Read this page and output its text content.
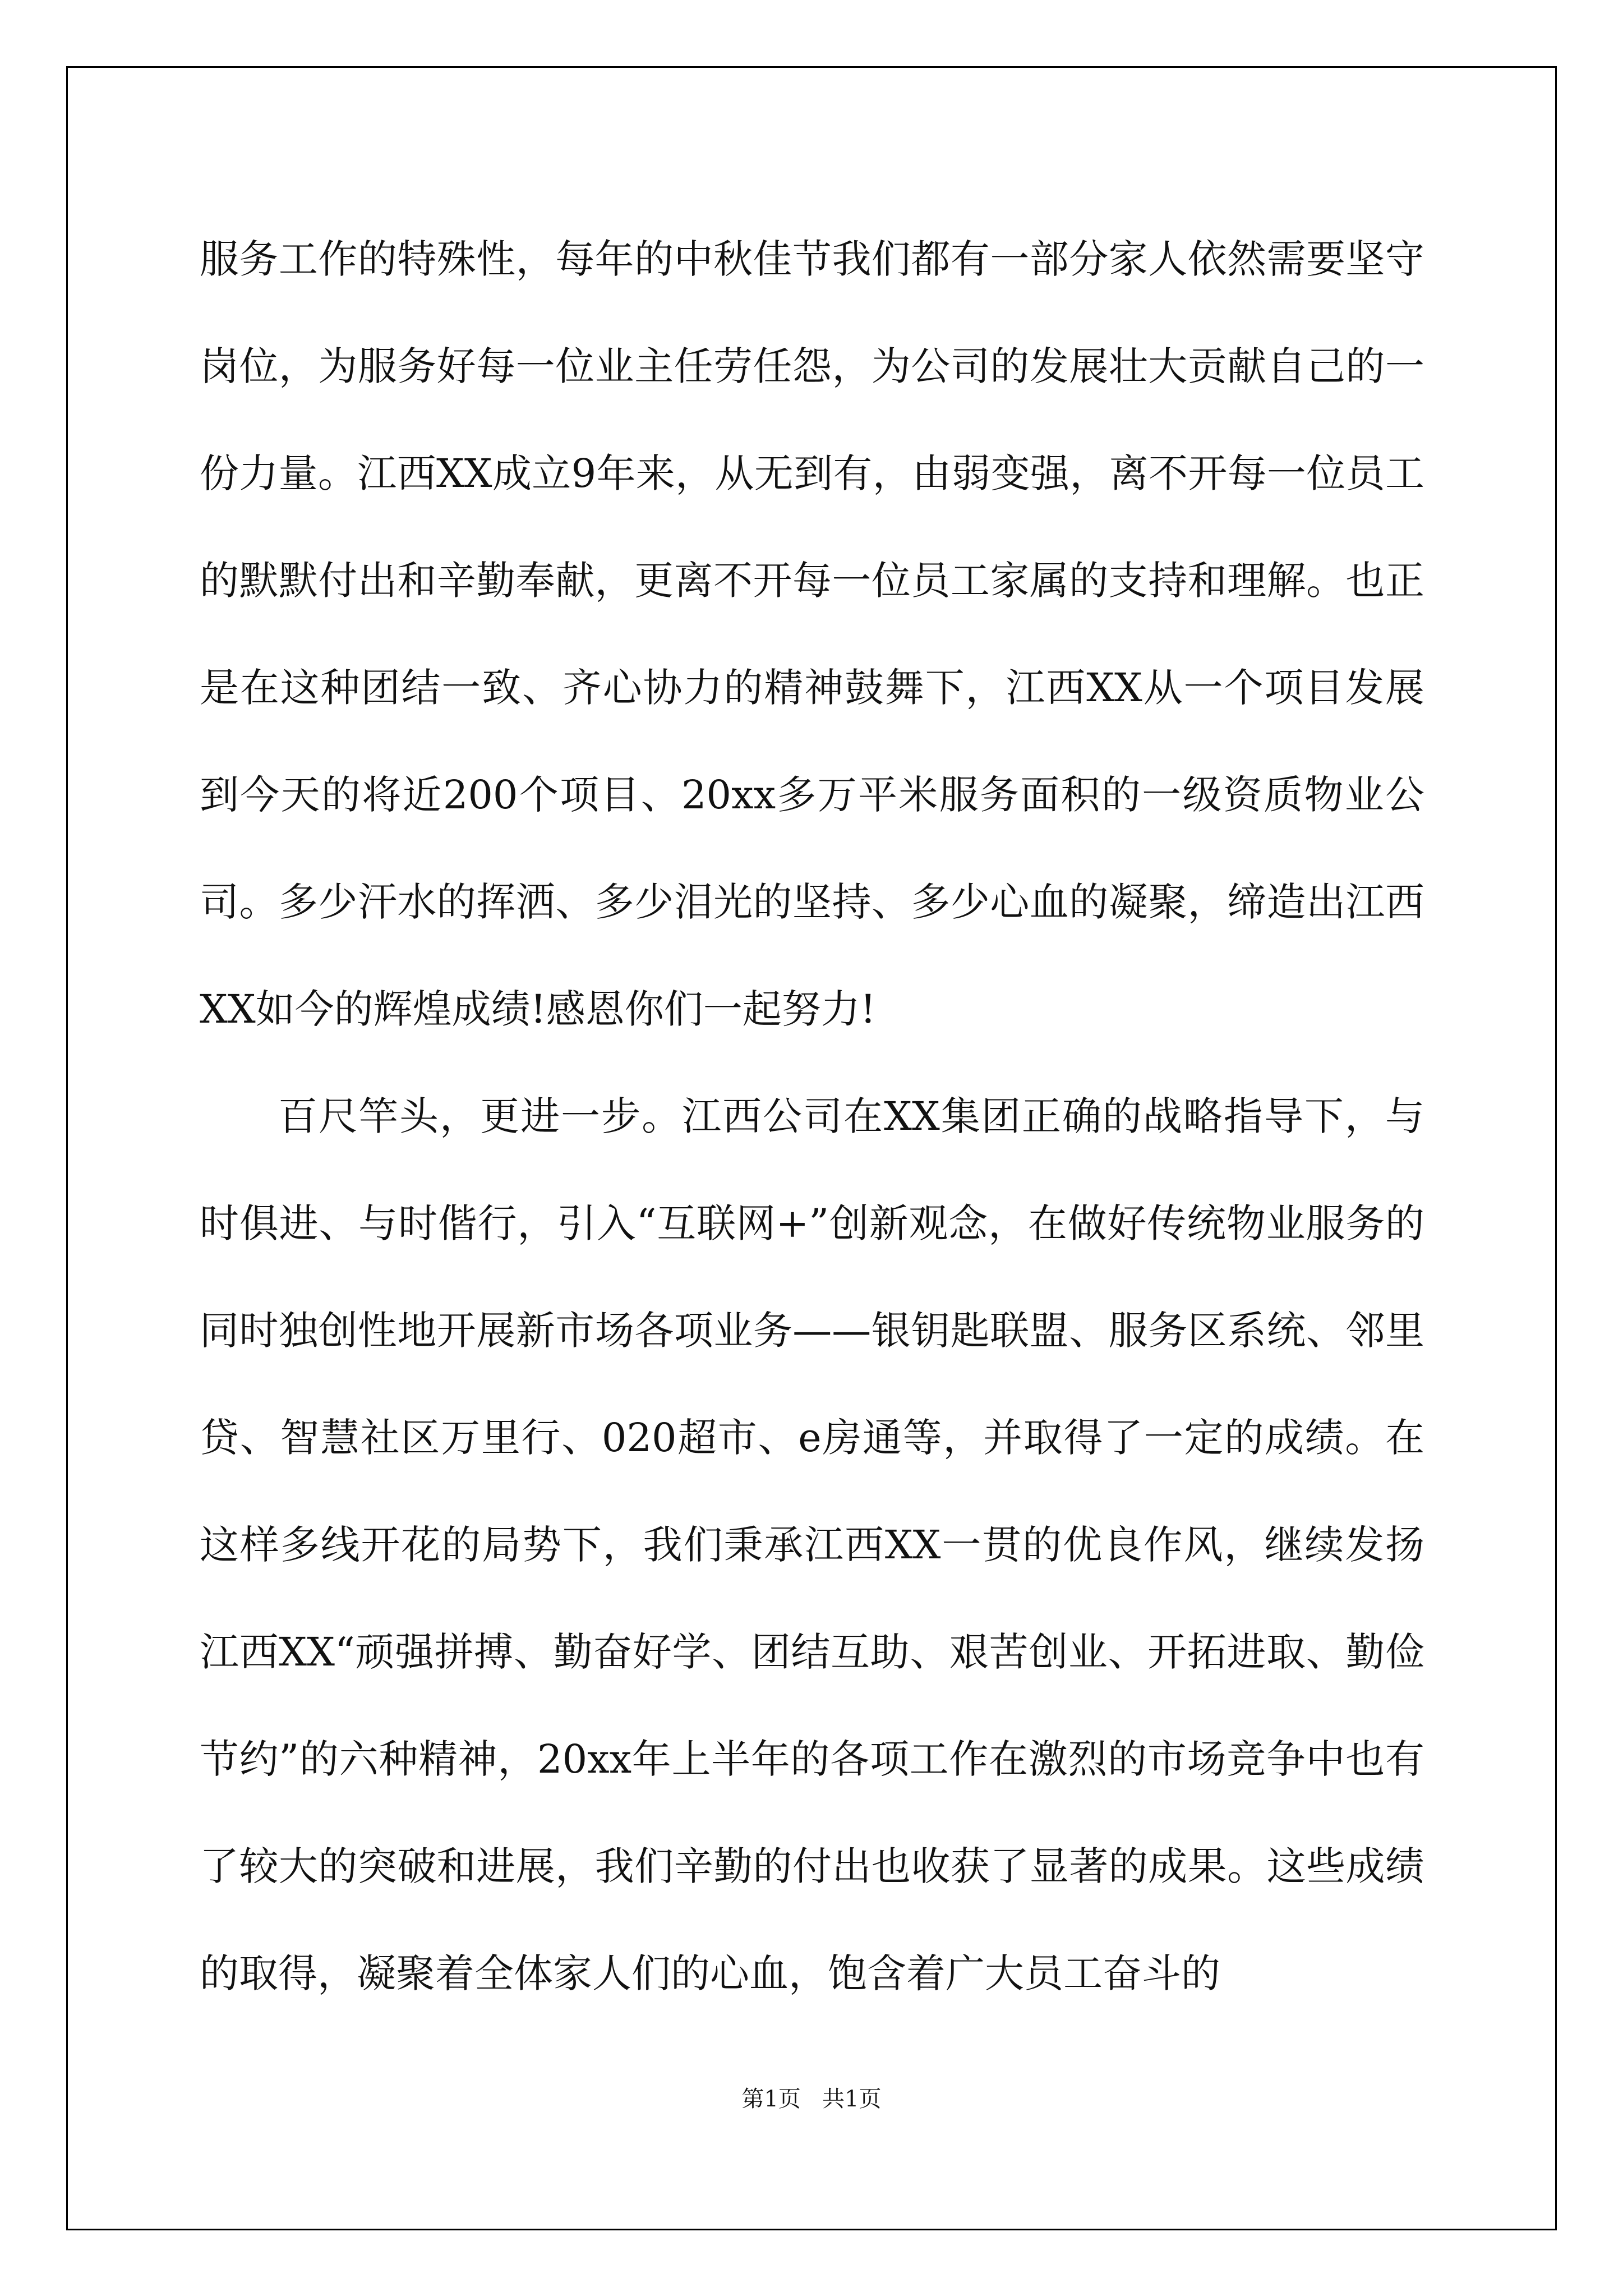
服务工作的特殊性，每年的中秋佳节我们都有一部分家人依然需要坚守岗位，为服务好每一位业主任劳任怨，为公司的发展壮大贡献自己的一份力量。江西XX成立9年来，从无到有，由弱变强，离不开每一位员工的默默付出和辛勤奉献，更离不开每一位员工家属的支持和理解。也正是在这种团结一致、齐心协力的精神鼓舞下，江西XX从一个项目发展到今天的将近200个项目、20xx多万平米服务面积的一级资质物业公司。多少汗水的挥洒、多少泪光的坚持、多少心血的凝聚，缔造出江西XX如今的辉煌成绩!感恩你们一起努力!

百尺竿头，更进一步。江西公司在XX集团正确的战略指导下，与时俱进、与时偕行，引入“互联网+”创新观念，在做好传统物业服务的同时独创性地开展新市场各项业务——银钥匙联盟、服务区系统、邻里贷、智慧社区万里行、020超市、e房通等，并取得了一定的成绩。在这样多线开花的局势下，我们秉承江西XX一贯的优良作风，继续发扬江西XX“顽强拼搏、勤奋好学、团结互助、艰苦创业、开拓进取、勤俭节约”的六种精神，20xx年上半年的各项工作在激烈的市场竞争中也有了较大的突破和进展，我们辛勤的付出也收获了显著的成果。这些成绩的取得，凝聚着全体家人们的心血，饱含着广大员工奋斗的

第1页   共1页
